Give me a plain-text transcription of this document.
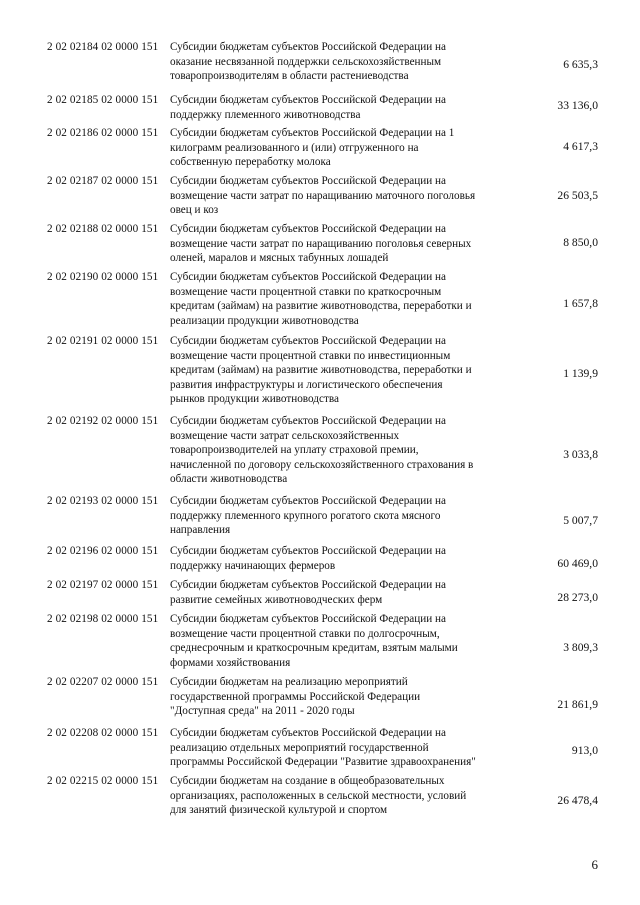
2 02 02184 02 0000 151	Субсидии бюджетам субъектов Российской Федерации на
оказание несвязанной поддержки сельскохозяйственным
товаропроизводителям в области растениеводства
6 635,3
2 02 02185 02 0000 151	Субсидии бюджетам субъектов Российской Федерации на
поддержку племенного животноводства
33 136,0
2 02 02186 02 0000 151	Субсидии бюджетам субъектов Российской Федерации на 1
килограмм реализованного и (или) отгруженного на
собственную переработку молока
4 617,3
2 02 02187 02 0000 151	Субсидии бюджетам субъектов Российской Федерации на
возмещение части затрат по наращиванию маточного поголовья
овец и коз
26 503,5
2 02 02188 02 0000 151	Субсидии бюджетам субъектов Российской Федерации на
возмещение части затрат по наращиванию поголовья северных
оленей, маралов и мясных табунных лошадей
8 850,0
2 02 02190 02 0000 151	Субсидии бюджетам субъектов Российской Федерации на
возмещение части процентной ставки по краткосрочным
кредитам (займам) на развитие животноводства, переработки и
реализации продукции животноводства
1 657,8
2 02 02191 02 0000 151	Субсидии бюджетам субъектов Российской Федерации на
возмещение части процентной ставки по инвестиционным
кредитам (займам) на развитие животноводства, переработки и
развития инфраструктуры и логистического обеспечения
рынков продукции животноводства
1 139,9
2 02 02192 02 0000 151	Субсидии бюджетам субъектов Российской Федерации на
возмещение части затрат сельскохозяйственных
товаропроизводителей на уплату страховой премии,
начисленной по договору сельскохозяйственного страхования в
области животноводства
3 033,8
2 02 02193 02 0000 151	Субсидии бюджетам субъектов Российской Федерации на
поддержку племенного крупного рогатого скота мясного
направления
5 007,7
2 02 02196 02 0000 151	Субсидии бюджетам субъектов Российской Федерации на
поддержку начинающих фермеров	60 469,0
2 02 02197 02 0000 151	Субсидии бюджетам субъектов Российской Федерации на
развитие семейных животноводческих ферм	28 273,0
2 02 02198 02 0000 151	Субсидии бюджетам субъектов Российской Федерации на
возмещение части процентной ставки по долгосрочным,
среднесрочным и краткосрочным кредитам, взятым малыми
формами хозяйствования
3 809,3
2 02 02207 02 0000 151	Субсидии бюджетам на реализацию мероприятий
государственной программы Российской Федерации
"Доступная среда" на 2011 - 2020 годы
21 861,9
2 02 02208 02 0000 151	Субсидии бюджетам субъектов Российской Федерации на
реализацию отдельных мероприятий государственной
программы Российской Федерации "Развитие здравоохранения"
913,0
2 02 02215 02 0000 151	Субсидии бюджетам на создание в общеобразовательных
организациях, расположенных в сельской местности, условий
для занятий физической культурой и спортом
26 478,4
6
